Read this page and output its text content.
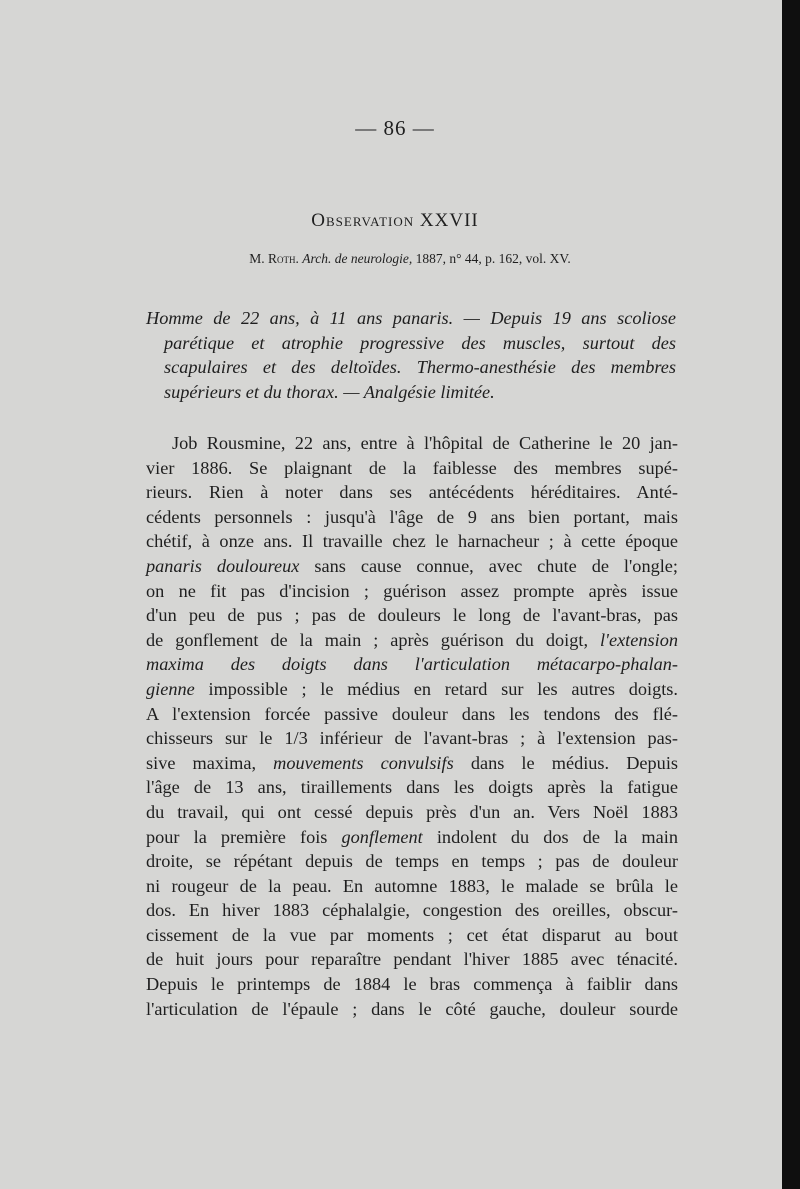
— 86 —
Observation XXVII
M. Roth. Arch. de neurologie, 1887, n° 44, p. 162, vol. XV.
Homme de 22 ans, à 11 ans panaris. — Depuis 19 ans scoliose
parétique et atrophie progressive des muscles, surtout des
scapulaires et des deltoïdes. Thermo-anesthésie des membres
supérieurs et du thorax. — Analgésie limitée.
Job Rousmine, 22 ans, entre à l'hôpital de Catherine le 20 jan-
vier 1886. Se plaignant de la faiblesse des membres supé-
rieurs. Rien à noter dans ses antécédents héréditaires. Anté-
cédents personnels : jusqu'à l'âge de 9 ans bien portant, mais
chétif, à onze ans. Il travaille chez le harnacheur ; à cette époque
panaris douloureux sans cause connue, avec chute de l'ongle;
on ne fit pas d'incision ; guérison assez prompte après issue
d'un peu de pus ; pas de douleurs le long de l'avant-bras, pas
de gonflement de la main ; après guérison du doigt, l'extension
maxima des doigts dans l'articulation métacarpo-phalan-
gienne impossible ; le médius en retard sur les autres doigts.
A l'extension forcée passive douleur dans les tendons des flé-
chisseurs sur le 1/3 inférieur de l'avant-bras ; à l'extension pas-
sive maxima, mouvements convulsifs dans le médius. Depuis
l'âge de 13 ans, tiraillements dans les doigts après la fatigue
du travail, qui ont cessé depuis près d'un an. Vers Noël 1883
pour la première fois gonflement indolent du dos de la main
droite, se répétant depuis de temps en temps ; pas de douleur
ni rougeur de la peau. En automne 1883, le malade se brûla le
dos. En hiver 1883 céphalalgie, congestion des oreilles, obscur-
cissement de la vue par moments ; cet état disparut au bout
de huit jours pour reparaître pendant l'hiver 1885 avec ténacité.
Depuis le printemps de 1884 le bras commença à faiblir dans
l'articulation de l'épaule ; dans le côté gauche, douleur sourde
